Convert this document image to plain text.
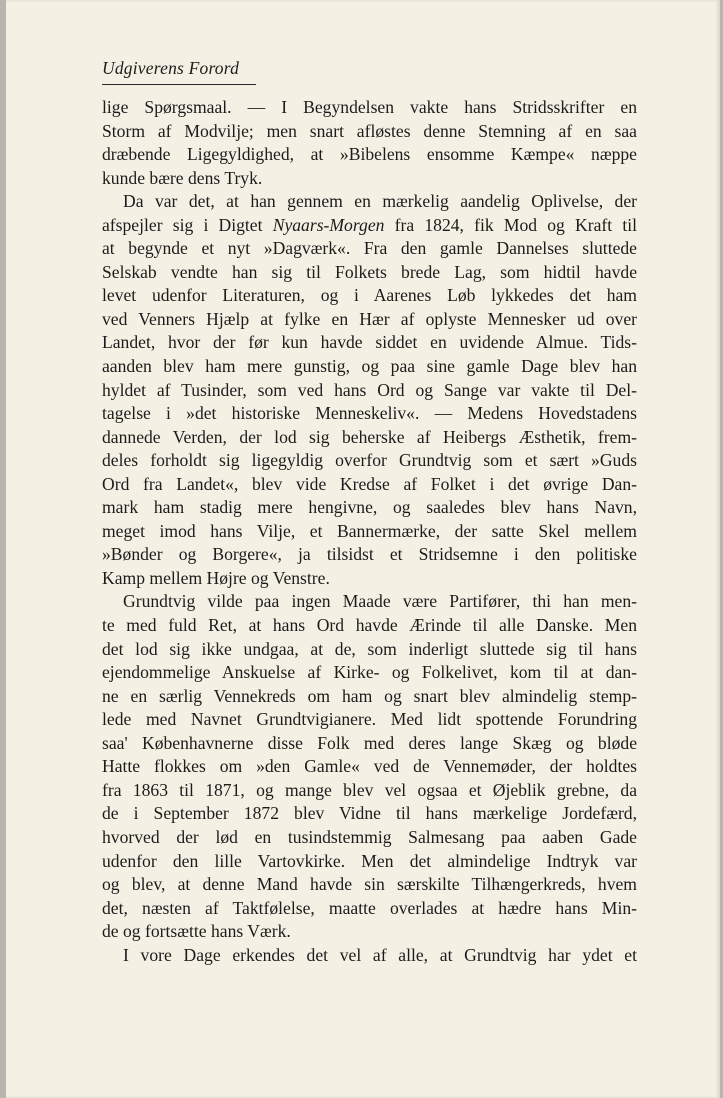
Udgiverens Forord
lige Spørgsmaal. — I Begyndelsen vakte hans Stridsskrifter en
Storm af Modvilje; men snart afløstes denne Stemning af en saa
dræbende Ligegyldighed, at »Bibelens ensomme Kæmpe« næppe
kunde bære dens Tryk.
Da var det, at han gennem en mærkelig aandelig Oplivelse, der
afspejler sig i Digtet Nyaars-Morgen fra 1824, fik Mod og Kraft til
at begynde et nyt »Dagværk«. Fra den gamle Dannelses sluttede
Selskab vendte han sig til Folkets brede Lag, som hidtil havde
levet udenfor Literaturen, og i Aarenes Løb lykkedes det ham
ved Venners Hjælp at fylke en Hær af oplyste Mennesker ud over
Landet, hvor der før kun havde siddet en uvidende Almue. Tids-
aanden blev ham mere gunstig, og paa sine gamle Dage blev han
hyldet af Tusinder, som ved hans Ord og Sange var vakte til Del-
tagelse i »det historiske Menneskeliv«. — Medens Hovedstadens
dannede Verden, der lod sig beherske af Heibergs Æsthetik, frem-
deles forholdt sig ligegyldig overfor Grundtvig som et sært »Guds
Ord fra Landet«, blev vide Kredse af Folket i det øvrige Dan-
mark ham stadig mere hengivne, og saaledes blev hans Navn,
meget imod hans Vilje, et Bannermærke, der satte Skel mellem
»Bønder og Borgere«, ja tilsidst et Stridsemne i den politiske
Kamp mellem Højre og Venstre.
Grundtvig vilde paa ingen Maade være Partifører, thi han men-
te med fuld Ret, at hans Ord havde Ærinde til alle Danske. Men
det lod sig ikke undgaa, at de, som inderligt sluttede sig til hans
ejendommelige Anskuelse af Kirke- og Folkelivet, kom til at dan-
ne en særlig Vennekreds om ham og snart blev almindelig stemp-
lede med Navnet Grundtvigianere. Med lidt spottende Forundring
saa' Københavnerne disse Folk med deres lange Skæg og bløde
Hatte flokkes om »den Gamle« ved de Vennemøder, der holdtes
fra 1863 til 1871, og mange blev vel ogsaa et Øjeblik grebne, da
de i September 1872 blev Vidne til hans mærkelige Jordefærd,
hvorved der lød en tusindstemmig Salmesang paa aaben Gade
udenfor den lille Vartovkirke. Men det almindelige Indtryk var
og blev, at denne Mand havde sin særskilte Tilhængerkreds, hvem
det, næsten af Taktfølelse, maatte overlades at hædre hans Min-
de og fortsætte hans Værk.
I vore Dage erkendes det vel af alle, at Grundtvig har ydet et
